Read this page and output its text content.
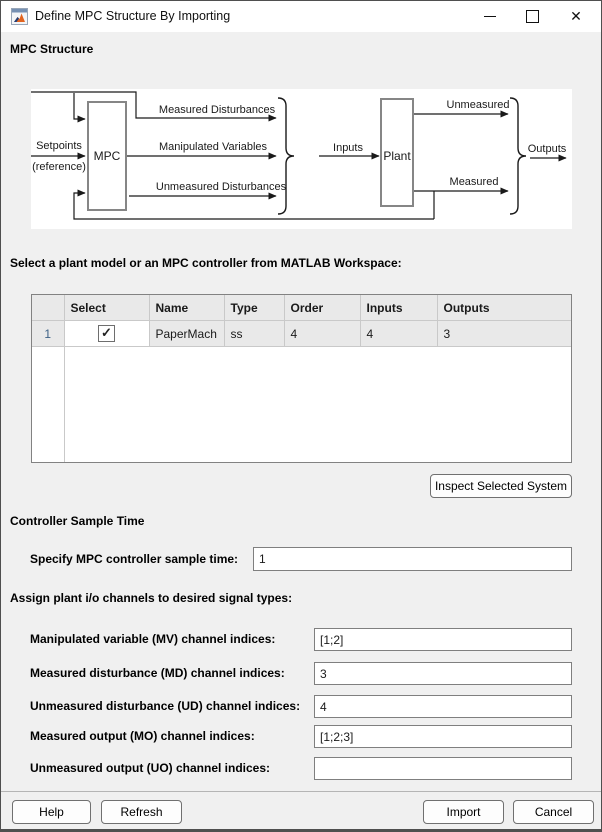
Define MPC Structure By Importing	✕
MPC Structure
Setpoints
(reference)
MPC	Plant
Measured Disturbances
Manipulated Variables
Unmeasured Disturbances
Inputs
Unmeasured
Measured
Outputs
Select a plant model or an MPC controller from MATLAB Workspace:
	Select	Name	Type	Order	Inputs	Outputs
1	✓	PaperMach	ss	4	4	3
Inspect Selected System
Controller Sample Time
Specify MPC controller sample time:
1
Assign plant i/o channels to desired signal types:
Manipulated variable (MV) channel indices:
[1;2]
Measured disturbance (MD) channel indices:
3
Unmeasured disturbance (UD) channel indices:
4
Measured output (MO) channel indices:
[1;2;3]
Unmeasured output (UO) channel indices:
Help	Refresh	Import	Cancel
